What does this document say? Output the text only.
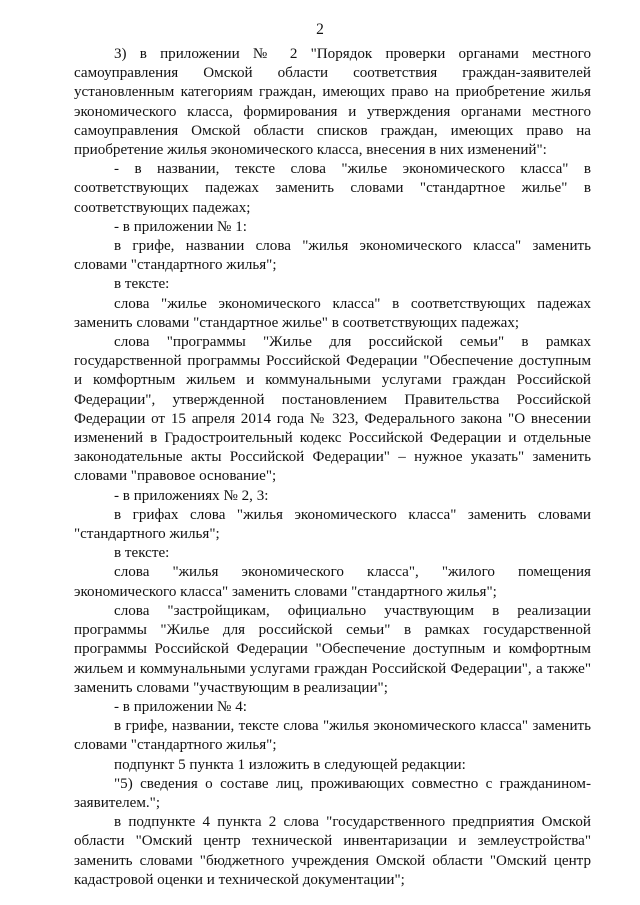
2

3) в приложении № 2 "Порядок проверки органами местного самоуправления Омской области соответствия граждан-заявителей установленным категориям граждан, имеющих право на приобретение жилья экономического класса, формирования и утверждения органами местного самоуправления Омской области списков граждан, имеющих право на приобретение жилья экономического класса, внесения в них изменений":

- в названии, тексте слова "жилье экономического класса" в соответствующих падежах заменить словами "стандартное жилье" в соответствующих падежах;

- в приложении № 1:

в грифе, названии слова "жилья экономического класса" заменить словами "стандартного жилья";

в тексте:

слова "жилье экономического класса" в соответствующих падежах заменить словами "стандартное жилье" в соответствующих падежах;

слова "программы "Жилье для российской семьи" в рамках государственной программы Российской Федерации "Обеспечение доступным и комфортным жильем и коммунальными услугами граждан Российской Федерации", утвержденной постановлением Правительства Российской Федерации от 15 апреля 2014 года № 323, Федерального закона "О внесении изменений в Градостроительный кодекс Российской Федерации и отдельные законодательные акты Российской Федерации" – нужное указать" заменить словами "правовое основание";

- в приложениях № 2, 3:

в грифах слова "жилья экономического класса" заменить словами "стандартного жилья";

в тексте:

слова "жилья экономического класса", "жилого помещения экономического класса" заменить словами "стандартного жилья";

слова "застройщикам, официально участвующим в реализации программы "Жилье для российской семьи" в рамках государственной программы Российской Федерации "Обеспечение доступным и комфортным жильем и коммунальными услугами граждан Российской Федерации", а также" заменить словами "участвующим в реализации";

- в приложении № 4:

в грифе, названии, тексте слова "жилья экономического класса" заменить словами "стандартного жилья";

подпункт 5 пункта 1 изложить в следующей редакции:

"5) сведения о составе лиц, проживающих совместно с гражданином-заявителем.";

в подпункте 4 пункта 2 слова "государственного предприятия Омской области "Омский центр технической инвентаризации и землеустройства" заменить словами "бюджетного учреждения Омской области "Омский центр кадастровой оценки и технической документации";
